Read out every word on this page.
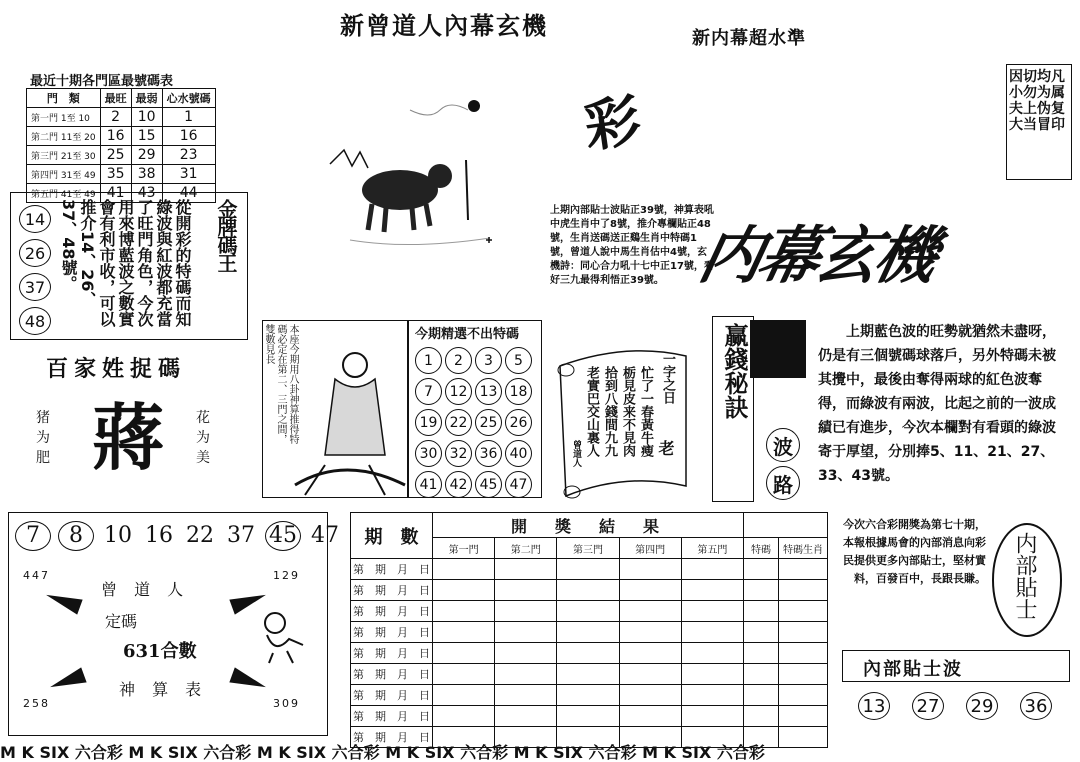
新曾道人內幕玄機	新内幕超水準
最近十期各門區最號碼表
門　類	最旺	最弱	心水號碼
第一門 1至 10	2	10	1
第二門 11至 20	16	15	16
第三門 21至 30	25	29	23
第四門 31至 49	35	38	31
第五門 41至 49	41	43	44
14
26
37
48	從開彩的特碼而知綠波與紅波都充當了旺門角色，今次用來博藍波之數實會有利市收，可以推介14、26、37、48號。	金牌碼王
百家姓捉碼
蔣
猪
为
肥
花
为
美
7 8 10 16 22 37 45 47
447	129
258	309
曾 道 人
定碼
631合數
神 算 表
彩
上期內部貼士波貼正39號，神算表吼中虎生肖中了8號，推介專欄貼正48號，生肖送碼送正鷄生肖中特碼1號，曾道人說中馬生肖估中4號，玄機詩：同心合力吼十七中正17號，看好三九最得利悟正39號。
因切均凡
小勿为属
夫上伪复
大当冒印
内幕玄機
本座今期用八卦神算推得特碼必定在第二、三門之間，雙數見長	今期精選不出特碼
1	2	3	5
7	12 13 18
19 22 25 26
30 32 36 40
41 42 45 47
一字之日
忙了一春黃牛瘦
栃見皮来不見肉
拾到八錢間九九
老實巴交山裏人	老
曾道人
赢錢秘訣
波
路
上期藍色波的旺勢就猶然未盡呀，仍是有三個號碼球落戶，另外特碼未被其攪中，最後由奪得兩球的紅色波奪得，而綠波有兩波，比起之前的一波成績已有進步，今次本欄對有看頭的綠波寄于厚望，分別捧5、11、21、27、33、43號。
期　數	開　獎　結　果						
	第一門	第二門	第三門	第四門	第五門	特碼	特碼生肖
第　期　月　日							
第　期　月　日							
第　期　月　日							
第　期　月　日							
第　期　月　日							
第　期　月　日							
第　期　月　日							
第　期　月　日							
第　期　月　日							
今次六合彩開獎為第七十期，本報根據馬會的內部消息向彩民提供更多內部貼士，堅材實料，百發百中，長跟長賺。 内部貼士
內部貼士波
13 27 29 36
M K SIX 六合彩 M K SIX 六合彩 M K SIX 六合彩 M K SIX 六合彩 M K SIX 六合彩 M K SIX 六合彩
